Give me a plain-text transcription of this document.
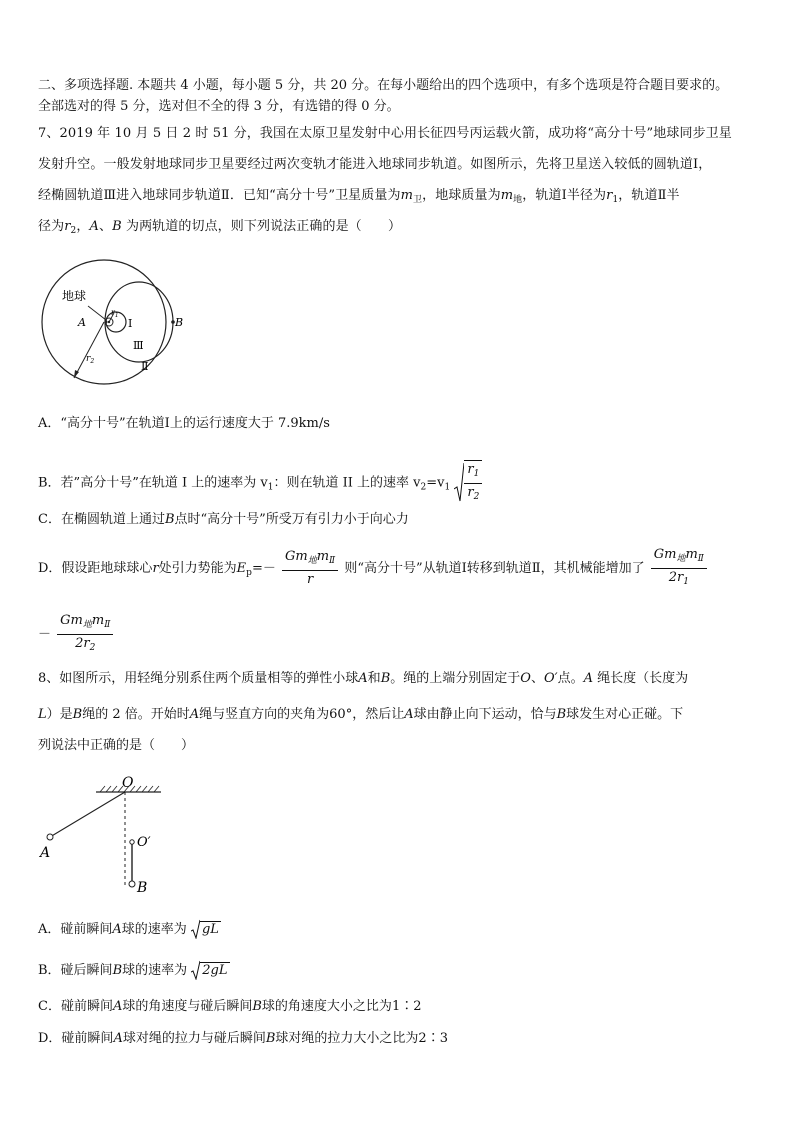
二、多项选择题. 本题共 4 小题，每小题 5 分，共 20 分。在每小题给出的四个选项中，有多个选项是符合题目要求的。
全部选对的得 5 分，选对但不全的得 3 分，有选错的得 0 分。
7、2019 年 10 月 5 日 2 时 51 分，我国在太原卫星发射中心用长征四号丙运载火箭，成功将“高分十号”地球同步卫星
发射升空。一般发射地球同步卫星要经过两次变轨才能进入地球同步轨道。如图所示，先将卫星送入较低的圆轨道Ⅰ，
经椭圆轨道Ⅲ进入地球同步轨道Ⅱ．已知“高分十号”卫星质量为$m_卫$，地球质量为$m_地$，轨道Ⅰ半径为$r_1$，轨道Ⅱ半
径为$r_2$，A、B 为两轨道的切点，则下列说法正确的是（　　）
地球
A	B
$r_1$
$r_2$
Ⅰ
Ⅲ
Ⅱ
A．“高分十号”在轨道Ⅰ上的运行速度大于 7.9km/s
B．若”高分十号”在轨道 I 上的速率为 $v_1$：则在轨道 II 上的速率 $v_2=v_1 \frac{r_1}{r_2}$
C．在椭圆轨道上通过B点时“高分十号”所受万有引力小于向心力
D．假设距地球球心r处引力势能为$E_p=- \frac{Gm_地m_Ⅱ}{r}$ 则“高分十号”从轨道Ⅰ转移到轨道Ⅱ，其机械能增加了 $\frac{Gm_地m_Ⅱ}{2r_1}$
－ $\frac{Gm_地m_Ⅱ}{2r_2}$
8、如图所示，用轻绳分别系住两个质量相等的弹性小球A和B。绳的上端分别固定于O、O′点。A 绳长度（长度为
L）是B绳的 2 倍。开始时A绳与竖直方向的夹角为60°，然后让A球由静止向下运动，恰与B球发生对心正碰。下
列说法中正确的是（　　）
O
O′
A
B
A．碰前瞬间A球的速率为 gL
B．碰后瞬间B球的速率为 2gL
C．碰前瞬间A球的角速度与碰后瞬间B球的角速度大小之比为1∶2
D．碰前瞬间A球对绳的拉力与碰后瞬间B球对绳的拉力大小之比为2∶3
